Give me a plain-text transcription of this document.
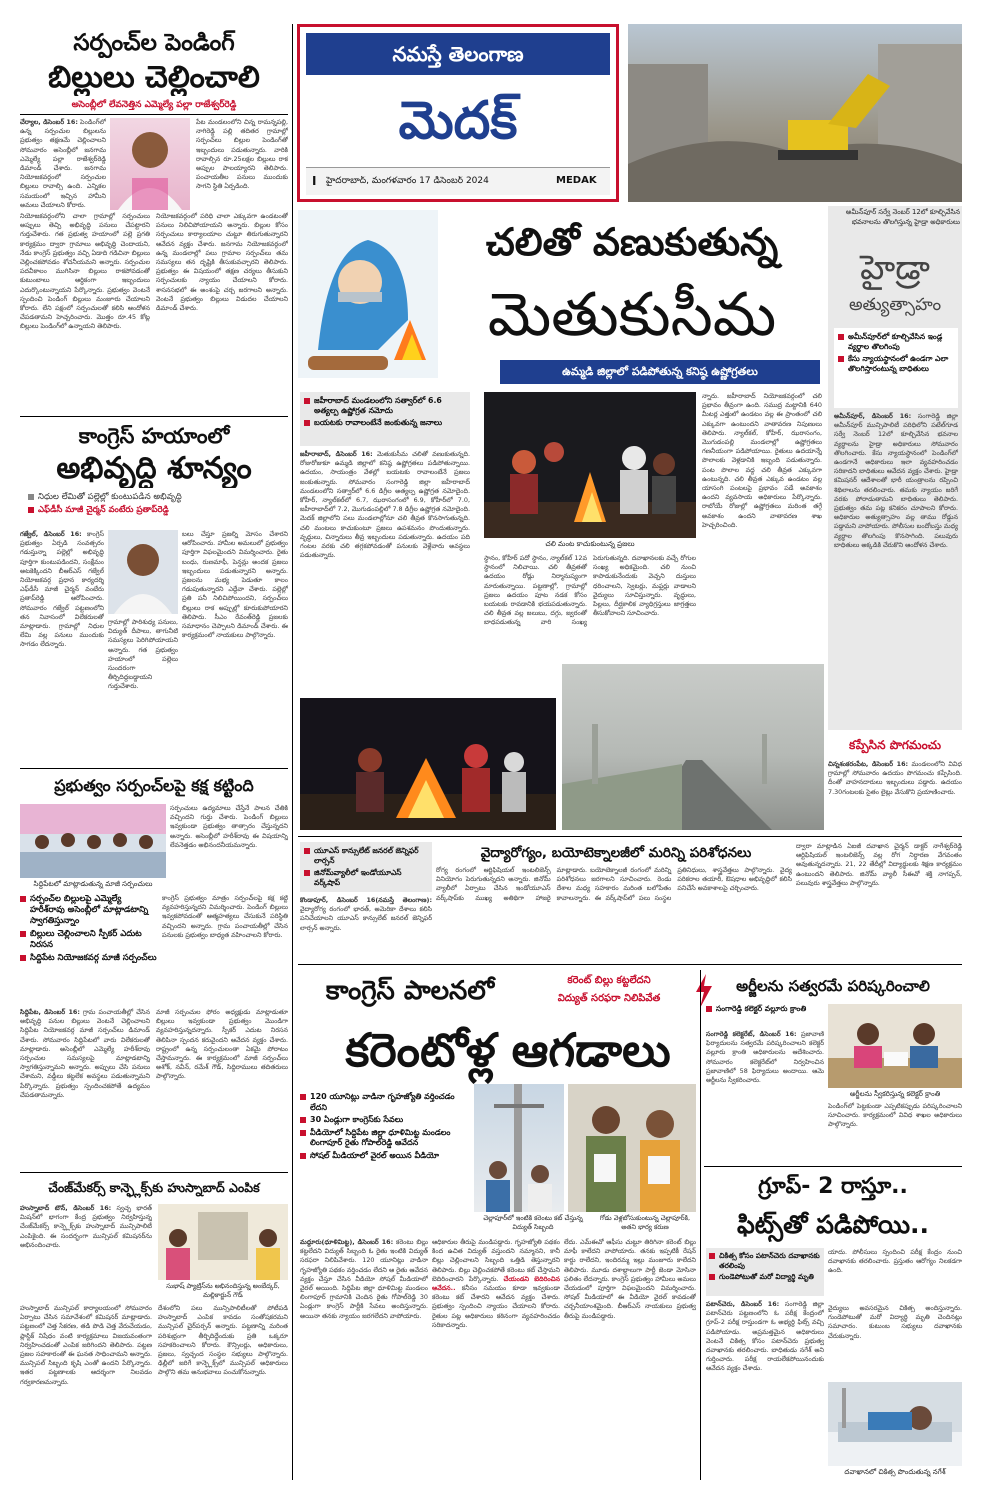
నమస్తే తెలంగాణ
మెదక్
I హైదరాబాద్, మంగళవారం 17 డిసెంబర్ 2024	MEDAK
సర్పంచ్‌ల పెండింగ్
బిల్లులు చెల్లించాలి
అసెంబ్లీలో లేవనెత్తిన ఎమ్మెల్యే పల్లా రాజేశ్వర్‌రెడ్డి
చేర్యాల, డిసెంబర్ 16: పెండింగ్‌లో ఉన్న సర్పంచుల బిల్లులను ప్రభుత్వం తక్షణమే చెల్లించాలని సోమవారం అసెంబ్లీలో జనగామ ఎమ్మెల్యే పల్లా రాజేశ్వర్‌రెడ్డి డిమాండ్ చేశారు. జనగామ నియోజకవర్గంలో సర్పంచుల బిల్లులు రావాల్సి ఉంది. ఎన్నికల సమయంలో ఇచ్చిన హామీని అమలు చేయాలని కోరారు.
పేట మండలంలోని చిన్న రామన్నపల్లి, నాగిరెడ్డి పల్లి తదితర గ్రామాల్లో సర్పంచ్‌లు బిల్లుల పెండింగ్‌తో ఇబ్బందులు పడుతున్నారు. వారికి రావాల్సిన రూ.25లక్షల బిల్లులు రాక అప్పుల పాలయ్యారని తెలిపారు. పంచాయతీల పనులు ముందుకు సాగని స్థితి ఏర్పడింది.
నియోజకవర్గంలోని చాలా గ్రామాల్లో సర్పంచులు అప్పులు తెచ్చి అభివృద్ధి పనులు చేపట్టారని గుర్తుచేశారు. గత ప్రభుత్వ హయాంలో పల్లె ప్రగతి కార్యక్రమం ద్వారా గ్రామాలు అభివృద్ధి చెందాయని, నేడు కాంగ్రెస్ ప్రభుత్వం వచ్చి ఏడాది గడిచినా బిల్లులు చెల్లించకపోవడం శోచనీయమని అన్నారు. సర్పంచుల పదవీకాలం ముగిసినా బిల్లులు రాకపోవడంతో కుటుంబాలు ఆర్థికంగా ఇబ్బందులు ఎదుర్కొంటున్నాయని పేర్కొన్నారు. ప్రభుత్వం వెంటనే స్పందించి పెండింగ్ బిల్లులు మంజూరు చేయాలని కోరారు. లేని పక్షంలో సర్పంచులతో కలిసి ఆందోళన చేపడతామని హెచ్చరించారు. మొత్తం రూ.45 కోట్ల బిల్లులు పెండింగ్‌లో ఉన్నాయని తెలిపారు.
నియోజకవర్గంలో పరిధి చాలా ఎక్కువగా ఉండటంతో పనులు నిలిచిపోయాయని అన్నారు. బిల్లుల కోసం సర్పంచులు కార్యాలయాల చుట్టూ తిరుగుతున్నారని ఆవేదన వ్యక్తం చేశారు. జనగామ నియోజకవర్గంలో ఉన్న మండలాల్లో పలు గ్రామాల సర్పంచ్‌లు తమ సమస్యలు తన దృష్టికి తీసుకువచ్చారని తెలిపారు. ప్రభుత్వం ఈ విషయంలో తక్షణ చర్యలు తీసుకుని సర్పంచులకు న్యాయం చేయాలని కోరారు. శాసనసభలో ఈ అంశంపై చర్చ జరగాలని అన్నారు. వెంటనే ప్రభుత్వం బిల్లులు విడుదల చేయాలని డిమాండ్ చేశారు.
కాంగ్రెస్ హయాంలో
అభివృద్ధి శూన్యం
నిధుల లేమితో పల్లెల్లో కుంటుపడిన అభివృద్ధి
ఎఫ్‌డీసీ మాజీ చైర్మన్ వంటేరు ప్రతాప్‌రెడ్డి
గజ్వేల్, డిసెంబర్ 16: కాంగ్రెస్ ప్రభుత్వం ఏర్పడి సంవత్సరం గడుస్తున్నా పల్లెల్లో అభివృద్ధి పూర్తిగా కుంటుపడిందని, సంక్షేమం అటకెక్కిందని బీఆర్‌ఎస్ గజ్వేల్ నియోజకవర్గ ప్రధాన కార్యదర్శి ఎఫ్‌డీసీ మాజీ చైర్మన్ వంటేరు ప్రతాప్‌రెడ్డి ఆరోపించారు. సోమవారం గజ్వేల్ పట్టణంలోని తన నివాసంలో విలేకరులతో మాట్లాడారు. గ్రామాల్లో నిధుల లేమి వల్ల పనులు ముందుకు సాగడం లేదన్నారు.
గ్రామాల్లో పారిశుధ్య పనులు, విద్యుత్ దీపాలు, తాగునీటి సమస్యలు పెరిగిపోయాయని అన్నారు. గత ప్రభుత్వం హయాంలో పల్లెలు సుందరంగా తీర్చిదిద్దబడ్డాయని గుర్తుచేశారు.
బలు చేస్తూ ప్రజల్ని మోసం చేశారని ఆరోపించారు. హామీల అమలులో ప్రభుత్వం పూర్తిగా విఫలమైందని విమర్శించారు. రైతు బంధు, రుణమాఫీ, పెన్షన్లు అందక ప్రజలు ఇబ్బందులు పడుతున్నారని అన్నారు. ప్రజలను మభ్య పెడుతూ కాలం గడుపుతున్నారని ఎద్దేవా చేశారు. పల్లెల్లో ప్రతి పనీ నిలిచిపోయిందని, సర్పంచ్‌లు బిల్లులు రాక అప్పుల్లో కూరుకుపోయారని తెలిపారు. సీఎం రేవంత్‌రెడ్డి ప్రజలకు సమాధానం చెప్పాలని డిమాండ్ చేశారు. ఈ కార్యక్రమంలో నాయకులు పాల్గొన్నారు.
ప్రభుత్వం సర్పంచ్‌లపై కక్ష కట్టింది
సిద్దిపేటలో మాట్లాడుతున్న మాజీ సర్పంచులు
సర్పంచులు ఉద్యమాలు చేస్తేనే పాలన చేతికి వచ్చిందని గుర్తు చేశారు. పెండింగ్ బిల్లులు ఇవ్వకుండా ప్రభుత్వం తాత్సారం చేస్తున్నదని అన్నారు. అసెంబ్లీలో హరీశ్‌రావు ఈ విషయాన్ని లేవనెత్తడం అభినందనీయమన్నారు.
సర్పంచ్‌ల బిల్లులపై ఎమ్మెల్యే హరీశ్‌రావు అసెంబ్లీలో మాట్లాడటాన్ని స్వాగతిస్తున్నాం
బిల్లులు చెల్లించాలని స్పీకర్ ఎదుట నిరసన
సిద్దిపేట నియోజకవర్గ మాజీ సర్పంచ్‌లు
కాంగ్రెస్ ప్రభుత్వం మాత్రం సర్పంచ్‌లపై కక్ష కట్టి వ్యవహరిస్తున్నదని విమర్శించారు. పెండింగ్ బిల్లులు ఇవ్వకపోవడంతో ఆత్మహత్యలు చేసుకునే పరిస్థితి వచ్చిందని అన్నారు. గ్రామ పంచాయతీల్లో చేసిన పనులకు ప్రభుత్వం బాధ్యత వహించాలని కోరారు.
సిద్దిపేట, డిసెంబర్ 16: గ్రామ పంచాయతీల్లో చేసిన అభివృద్ధి పనుల బిల్లులు వెంటనే చెల్లించాలని సిద్దిపేట నియోజకవర్గ మాజీ సర్పంచ్‌లు డిమాండ్ చేశారు. సోమవారం సిద్దిపేటలో వారు విలేకరులతో మాట్లాడారు. అసెంబ్లీలో ఎమ్మెల్యే హరీశ్‌రావు సర్పంచుల సమస్యలపై మాట్లాడటాన్ని స్వాగతిస్తున్నామని అన్నారు. అప్పులు చేసి పనులు చేశామని, వడ్డీలు కట్టలేక అవస్థలు పడుతున్నామని పేర్కొన్నారు. ప్రభుత్వం స్పందించకపోతే ఉద్యమం చేపడతామన్నారు.
మాజీ సర్పంచుల ఫోరం అధ్యక్షుడు మాట్లాడుతూ బిల్లులు ఇవ్వకుండా ప్రభుత్వం మొండిగా వ్యవహరిస్తున్నదన్నారు. స్పీకర్ ఎదుట నిరసన తెలిపినా స్పందన కరువైందని ఆవేదన వ్యక్తం చేశారు. రాష్ట్రంలో ఉన్న సర్పంచులంతా ఏకమై పోరాటం చేస్తామన్నారు. ఈ కార్యక్రమంలో మాజీ సర్పంచ్‌లు అశోక్, నవీన్, రమేశ్ గౌడ్, సిద్దిరాములు తదితరులు పాల్గొన్నారు.
చేంజ్‌మేకర్స్ కాన్ఫ్లెక్స్‌కు హుస్నాబాద్ ఎంపిక
హుస్నాబాద్ టౌన్, డిసెంబర్ 16: స్వచ్ఛ భారత్ మిషన్‌లో భాగంగా కేంద్ర ప్రభుత్వం నిర్వహిస్తున్న చేంజ్‌మేకర్స్ కాన్ఫ్లెక్స్‌కు హుస్నాబాద్ మున్సిపాలిటీ ఎంపికైంది. ఈ సందర్భంగా మున్సిపల్ కమిషనర్‌ను అభినందించారు.
సుభాష్ ప్యాట్రిస్‌ను అభినందిస్తున్న అంబేద్కర్, మల్లికార్జున్ గౌడ్
హుస్నాబాద్ మున్సిపల్ కార్యాలయంలో సోమవారం ఏర్పాటు చేసిన సమావేశంలో కమిషనర్ మాట్లాడారు. పట్టణంలో చెత్త సేకరణ, తడి పొడి చెత్త వేరుచేయడం, ప్లాస్టిక్ నిషేధం వంటి కార్యక్రమాలు విజయవంతంగా నిర్వహించడంతో ఎంపిక జరిగిందని తెలిపారు. పట్టణ ప్రజల సహకారంతో ఈ ఘనత సాధించామని అన్నారు. మున్సిపల్ సిబ్బంది కృషి ఎంతో ఉందని పేర్కొన్నారు. ఇతర పట్టణాలకు ఆదర్శంగా నిలవడం గర్వకారణమన్నారు.
దేశంలోని పలు మున్సిపాలిటీలతో పోటీపడి హుస్నాబాద్ ఎంపిక కావడం సంతోషకరమని మున్సిపల్ చైర్‌పర్సన్ అన్నారు. పట్టణాన్ని మరింత పరిశుభ్రంగా తీర్చిదిద్దేందుకు ప్రతి ఒక్కరూ సహకరించాలని కోరారు. కౌన్సిలర్లు, అధికారులు, ప్రజలు, స్వచ్ఛంద సంస్థల సభ్యులు పాల్గొన్నారు. ఢిల్లీలో జరిగే కాన్ఫ్లెక్స్‌లో మున్సిపల్ అధికారులు పాల్గొని తమ అనుభవాలు పంచుకోనున్నారు.
అమీన్‌పూర్ సర్వే నెంబర్ 12లో కూల్చివేసిన భవనాలను తొలగిస్తున్న హైడ్రా అధికారులు
హైడ్రా
అత్యుత్సాహం
అమీన్‌పూర్‌లో కూల్చివేసిన ఇండ్ల వ్యర్థాల తొలగింపు
కేసు న్యాయస్థానంలో ఉండగా ఎలా తొలగిస్తారంటున్న బాధితులు
అమీన్‌పూర్, డిసెంబర్ 16: సంగారెడ్డి జిల్లా అమీన్‌పూర్ మున్సిపాలిటీ పరిధిలోని పటేల్‌గూడ సర్వే నెంబర్ 12లో కూల్చివేసిన భవనాల వ్యర్థాలను హైడ్రా అధికారులు సోమవారం తొలగించారు. కేసు న్యాయస్థానంలో పెండింగ్‌లో ఉండగానే అధికారులు ఇలా వ్యవహరించడం సరికాదని బాధితులు ఆవేదన వ్యక్తం చేశారు. హైడ్రా కమిషనర్ ఆదేశాలతో భారీ యంత్రాలను రప్పించి శిథిలాలను తరలించారు. తమకు న్యాయం జరిగే వరకు పోరాడుతామని బాధితులు తెలిపారు. ప్రభుత్వం తమ పట్ల కనికరం చూపాలని కోరారు. అధికారుల అత్యుత్సాహం వల్ల తాము రోడ్డున పడ్డామని వాపోయారు. పోలీసుల బందోబస్తు మధ్య వ్యర్థాల తొలగింపు కొనసాగింది. పలువురు బాధితులు అక్కడికి చేరుకొని ఆందోళన చేశారు.
చలితో వణుకుతున్న
మెతుకుసీమ
ఉమ్మడి జిల్లాలో పడిపోతున్న కనిష్ఠ ఉష్ణోగ్రతలు
జహీరాబాద్ మండలంలోని సత్వార్‌లో 6.6 అత్యల్ప ఉష్ణోగ్రత నమోదు
బయటకు రావాలంటేనే జంకుతున్న జనాలు
జహీరాబాద్, డిసెంబర్ 16: మెతుకుసీమ చలితో వణుకుతున్నది. రోజురోజుకూ ఉమ్మడి జిల్లాలో కనిష్ఠ ఉష్ణోగ్రతలు పడిపోతున్నాయి. ఉదయం, సాయంత్రం వేళల్లో బయటకు రావాలంటేనే ప్రజలు జంకుతున్నారు. సోమవారం సంగారెడ్డి జిల్లా జహీరాబాద్ మండలంలోని సత్వార్‌లో 6.6 డిగ్రీల అత్యల్ప ఉష్ణోగ్రత నమోదైంది. కోహీర్, న్యాల్‌కల్‌లో 6.7, ఝరాసంగంలో 6.9, కోహీర్‌లో 7.0, జహీరాబాద్‌లో 7.2, మొగుడంపల్లిలో 7.8 డిగ్రీల ఉష్ణోగ్రత నమోదైంది. మెదక్ జిల్లాలోని పలు మండలాల్లోనూ చలి తీవ్రత కొనసాగుతున్నది. చలి మంటలు కాచుకుంటూ ప్రజలు ఉపశమనం పొందుతున్నారు. వృద్ధులు, చిన్నారులు తీవ్ర ఇబ్బందులు పడుతున్నారు. ఉదయం పది గంటల వరకు చలి తగ్గకపోవడంతో పనులకు వెళ్లేవారు అవస్థలు పడుతున్నారు.
చలి మంట కాచుకుంటున్న ప్రజలు
స్థానం, కోహీర్ పదో స్థానం, న్యాల్‌కల్ 12వ స్థానంలో నిలిచాయి. చలి తీవ్రతతో ఉదయం రోడ్లు నిర్మానుష్యంగా మారుతున్నాయి. పట్టణాల్లో, గ్రామాల్లో ప్రజలు ఉదయం పూట నడక కోసం బయటకు రావడానికి భయపడుతున్నారు. చలి తీవ్రత వల్ల జలుబు, దగ్గు, జ్వరంతో బాధపడుతున్న వారి సంఖ్య పెరుగుతున్నది. దవాఖానలకు వచ్చే రోగుల సంఖ్య అధికమైంది. చలి నుంచి కాపాడుకునేందుకు వెచ్చని దుస్తులు ధరించాలని, స్వెటర్లు, మఫ్లర్లు వాడాలని వైద్యులు సూచిస్తున్నారు. వృద్ధులు, పిల్లలు, దీర్ఘకాలిక వ్యాధిగ్రస్తులు జాగ్రత్తలు తీసుకోవాలని సూచించారు.
న్నారు. జహీరాబాద్ నియోజకవర్గంలో చలి ప్రభావం తీవ్రంగా ఉంది. సముద్ర మట్టానికి 640 మీటర్ల ఎత్తులో ఉండటం వల్ల ఈ ప్రాంతంలో చలి ఎక్కువగా ఉంటుందని వాతావరణ నిపుణులు తెలిపారు. న్యాల్‌కల్, కోహీర్, ఝరాసంగం, మొగుడంపల్లి మండలాల్లో ఉష్ణోగ్రతలు గణనీయంగా పడిపోయాయి. రైతులు ఉదయాన్నే పొలాలకు వెళ్లడానికి ఇబ్బంది పడుతున్నారు. పంట పొలాల వద్ద చలి తీవ్రత ఎక్కువగా ఉంటున్నది. చలి తీవ్రత ఎక్కువ ఉండటం వల్ల యాసంగి పంటలపై ప్రభావం పడే అవకాశం ఉందని వ్యవసాయ అధికారులు పేర్కొన్నారు. రాబోయే రోజుల్లో ఉష్ణోగ్రతలు మరింత తగ్గే అవకాశం ఉందని వాతావరణ శాఖ హెచ్చరించింది.
కప్పేసిన పొగమంచు
చిన్నశంకరంపేట, డిసెంబర్ 16: మండలంలోని వివిధ గ్రామాల్లో సోమవారం ఉదయం పొగమంచు కప్పేసింది. దీంతో వాహనదారులు ఇబ్బందులు పడ్డారు. ఉదయం 7.30గంటలకు సైతం లైట్లు వేసుకొని ప్రయాణించారు.
యూఎస్ కాన్సులేట్ జనరల్ జెన్నిఫర్ లార్సన్
జినోమ్‌వ్యాలీలో ఇండోయూఎస్ వర్క్‌షాప్
వైద్యారోగ్యం, బయోటెక్నాలజీలో మరిన్ని పరిశోధనలు
కొండాపూర్, డిసెంబర్ 16(నమస్తే తెలంగాణ): వైద్యారోగ్య రంగంలో భారత్, అమెరికా దేశాలు కలిసి పనిచేయాలని యూఎస్ కాన్సులేట్ జనరల్ జెన్నిఫర్ లార్సన్ అన్నారు.
రోగ్య రంగంలో ఆర్టిఫిషియల్ ఇంటలిజెన్స్ వినియోగం పెరుగుతున్నదని అన్నారు. జినోమ్ వ్యాలీలో ఏర్పాటు చేసిన ఇండోయూఎస్ వర్క్‌షాప్‌కు ముఖ్య అతిథిగా హాజరై మాట్లాడారు. బయోటెక్నాలజీ రంగంలో మరిన్ని పరిశోధనలు జరగాలని సూచించారు. రెండు దేశాల మధ్య సహకారం మరింత బలోపేతం కావాలన్నారు. ఈ వర్క్‌షాప్‌లో పలు సంస్థల ప్రతినిధులు, శాస్త్రవేత్తలు పాల్గొన్నారు. వైద్య పరికరాల తయారీ, ఔషధాల అభివృద్ధిలో కలిసి పనిచేసే అవకాశాలపై చర్చించారు.
ద్వారా మాట్లాడిన ఏఐజీ దవాఖాన చైర్మన్ డాక్టర్ నాగేశ్వర్‌రెడ్డి ఆర్టిఫిషియల్ ఇంటలిజెన్స్ వల్ల రోగ నిర్ధారణ వేగవంతం అవుతున్నదన్నారు. 21, 22 తేదీల్లో విద్యార్థులకు శిక్షణ కార్యక్రమం ఉంటుందని తెలిపారు. జినోమ్ వ్యాలీ సీఈవో శక్తి నాగప్పన్, పలువురు శాస్త్రవేత్తలు పాల్గొన్నారు.
కాంగ్రెస్ పాలనలో	కరెంట్ బిల్లు కట్టలేదని
విద్యుత్ సరఫరా నిలిపివేత
కరెంటోళ్ల ఆగడాలు
120 యూనిట్లు వాడినా గృహజ్యోతి వర్తించడం లేదని
30 ఏండ్లుగా కాంగ్రెస్‌కు సేవలు
వీడియోలో సిద్దిపేట జిల్లా ధూళిమిట్ట మండలం లింగాపూర్ రైతు గోపాల్‌రెడ్డి ఆవేదన
సోషల్ మీడియాలో వైరల్ అయిన వీడియో
చెల్లాపూర్‌లో ఇంటికి కరెంటు కట్ చేస్తున్న విద్యుత్ సిబ్బంది
గోడు వెళ్లబోసుకుంటున్న చెల్లాపూర్‌కి, అతని భార్య కరుణ
మద్దూరు(ధూళిమిట్ట), డిసెంబర్ 16: కరెంటు బిల్లు కట్టలేదని విద్యుత్ సిబ్బంది ఓ రైతు ఇంటికి విద్యుత్ సరఫరా నిలిపివేశారు. 120 యూనిట్లు వాడినా గృహజ్యోతి పథకం వర్తించడం లేదని ఆ రైతు ఆవేదన వ్యక్తం చేస్తూ చేసిన వీడియో సోషల్ మీడియాలో వైరల్ అయింది. సిద్దిపేట జిల్లా ధూళిమిట్ట మండలం లింగాపూర్ గ్రామానికి చెందిన రైతు గోపాల్‌రెడ్డి 30 ఏండ్లుగా కాంగ్రెస్ పార్టీకి సేవలు అందిస్తున్నారు. అయినా తనకు న్యాయం జరగలేదని వాపోయారు.
ఆధికారుల తీరుపై మండిపడ్డారు. గృహజ్యోతి పథకం కింద ఉచిత విద్యుత్ వస్తుందని నమ్మానని, కానీ బిల్లు చెల్లించాలని సిబ్బంది ఒత్తిడి తెస్తున్నారని తెలిపారు. బిల్లు చెల్లించకపోతే కరెంటు కట్ చేస్తామని బెదిరించారని పేర్కొన్నారు. చేయండని బెదిరించిన ఆవేదన.. కనీసం సమయం కూడా ఇవ్వకుండా కరెంటు కట్ చేశారని ఆవేదన వ్యక్తం చేశారు. ప్రభుత్వం స్పందించి న్యాయం చేయాలని కోరారు. రైతుల పట్ల అధికారులు కఠినంగా వ్యవహరించడం సరికాదన్నారు.
లేదు. ఎమ్‌ఈవో ఆఫీసు చుట్టూ తిరిగినా కరెంట్ బిల్లు మాఫీ కాలేదని వాపోయారు. తనకు ఇప్పటికీ రేషన్ కార్డు రాలేదని, ఇందిరమ్మ ఇల్లు మంజూరు కాలేదని తెలిపారు. మూడు దశాబ్దాలుగా పార్టీ జెండా మోసినా ఫలితం లేదన్నారు. కాంగ్రెస్ ప్రభుత్వం హామీలు అమలు చేయడంలో పూర్తిగా విఫలమైందని విమర్శించారు. సోషల్ మీడియాలో ఈ వీడియో వైరల్ కావడంతో చర్చనీయాంశమైంది. బీఆర్‌ఎస్ నాయకులు ప్రభుత్వ తీరుపై మండిపడ్డారు.
అర్జీలను సత్వరమే పరిష్కరించాలి
సంగారెడ్డి కలెక్టర్ వల్లూరు క్రాంతి
సంగారెడ్డి కలెక్టరేట్, డిసెంబర్ 16: ప్రజావాణి ఫిర్యాదులను సత్వరమే పరిష్కరించాలని కలెక్టర్ వల్లూరు క్రాంతి అధికారులను ఆదేశించారు. సోమవారం కలెక్టరేట్‌లో నిర్వహించిన ప్రజావాణిలో 58 ఫిర్యాదులు అందాయి. ఆమె అర్జీలను స్వీకరించారు.
అర్జీలను స్వీకరిస్తున్న కలెక్టర్ క్రాంతి
పెండింగ్‌లో పెట్టకుండా ఎప్పటికప్పుడు పరిష్కరించాలని సూచించారు. కార్యక్రమంలో వివిధ శాఖల అధికారులు పాల్గొన్నారు.
గ్రూప్- 2 రాస్తూ..
ఫిట్స్‌తో పడిపోయి..
చికిత్స కోసం పటాన్‌చెరు దవాఖానకు తరలింపు
గుండెపోటుతో మరో విద్యార్థి మృతి
యాదు. పోలీసులు స్పందించి పరీక్ష కేంద్రం నుంచి దవాఖానకు తరలించారు. ప్రస్తుతం ఆరోగ్యం నిలకడగా ఉంది.
పటాన్‌చెరు, డిసెంబర్ 16: సంగారెడ్డి జిల్లా పటాన్‌చెరు పట్టణంలోని ఓ పరీక్ష కేంద్రంలో గ్రూప్-2 పరీక్ష రాస్తుండగా ఓ అభ్యర్థి ఫిట్స్ వచ్చి పడిపోయాడు. అప్రమత్తమైన అధికారులు వెంటనే చికిత్స కోసం పటాన్‌చెరు ప్రభుత్వ దవాఖానకు తరలించారు. బాధితుడు నగేశ్ అని గుర్తించారు. పరీక్ష రాయలేకపోయినందుకు ఆవేదన వ్యక్తం చేశాడు.
వైద్యులు అవసరమైన చికిత్స అందిస్తున్నారు. గుండెపోటుతో మరో విద్యార్థి మృతి చెందినట్లు సమాచారం. కుటుంబ సభ్యులు దవాఖానకు చేరుకున్నారు.
దవాఖానలో చికిత్స పొందుతున్న నగేశ్
